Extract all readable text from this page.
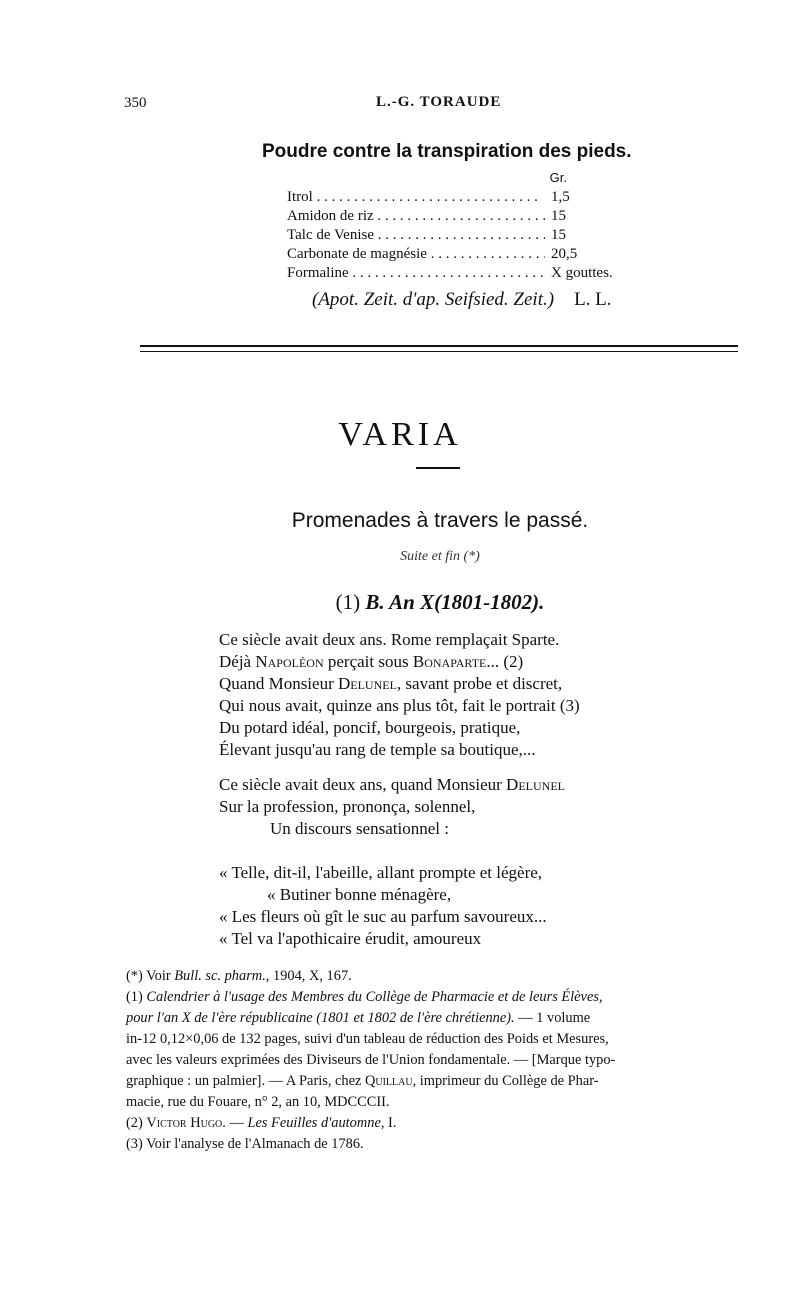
350	L.-G. TORAUDE
Poudre contre la transpiration des pieds.
Gr.
Itrol . . .	1,5
Amidon de riz . . .	15
Talc de Venise . . .	15
Carbonate de magnésie . . .	20,5
Formaline . . .	X gouttes.
(Apot. Zeit. d'ap. Seifsied. Zeit.) L. L.
VARIA
Promenades à travers le passé.
Suite et fin (*)
(1) B. An X(1801-1802).
Ce siècle avait deux ans. Rome remplaçait Sparte.
Déjà Napoléon perçait sous Bonaparte... (2)
Quand Monsieur Delunel, savant probe et discret,
Qui nous avait, quinze ans plus tôt, fait le portrait (3)
Du potard idéal, poncif, bourgeois, pratique,
Élevant jusqu'au rang de temple sa boutique,...
Ce siècle avait deux ans, quand Monsieur Delunel
Sur la profession, prononça, solennel,
Un discours sensationnel :
« Telle, dit-il, l'abeille, allant prompte et légère,
« Butiner bonne ménagère,
« Les fleurs où gît le suc au parfum savoureux...
« Tel va l'apothicaire érudit, amoureux
(*) Voir Bull. sc. pharm., 1904, X, 167.
(1) Calendrier à l'usage des Membres du Collège de Pharmacie et de leurs Élèves,
pour l'an X de l'ère républicaine (1801 et 1802 de l'ère chrétienne). — 1 volume
in-12 0,12×0,06 de 132 pages, suivi d'un tableau de réduction des Poids et Mesures,
avec les valeurs exprimées des Diviseurs de l'Union fondamentale. — [Marque typo-
graphique : un palmier]. — A Paris, chez Quillau, imprimeur du Collège de Phar-
macie, rue du Fouare, n° 2, an 10, MDCCCII.
(2) Victor Hugo. — Les Feuilles d'automne, I.
(3) Voir l'analyse de l'Almanach de 1786.
